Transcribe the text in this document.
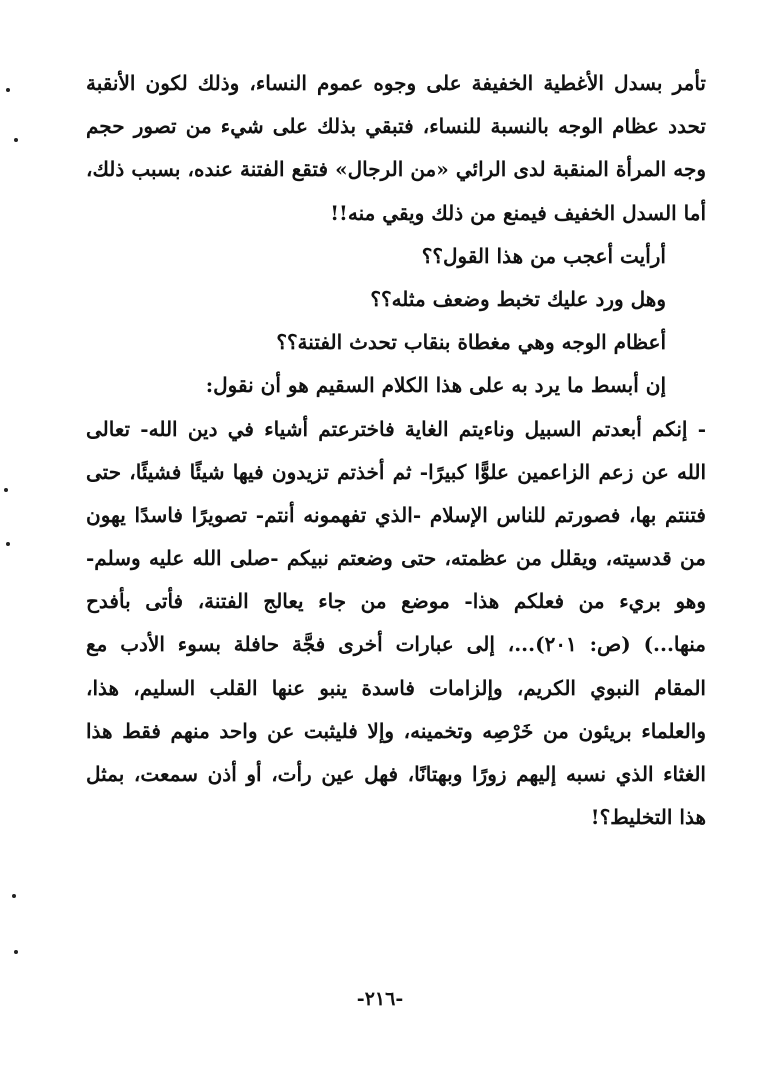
تأمر بسدل الأغطية الخفيفة على وجوه عموم النساء، وذلك لكون الأنقبة
تحدد عظام الوجه بالنسبة للنساء، فتبقي بذلك على شيء من تصور حجم
وجه المرأة المنقبة لدى الرائي «من الرجال» فتقع الفتنة عنده، بسبب ذلك،
أما السدل الخفيف فيمنع من ذلك ويقي منه!!
أرأيت أعجب من هذا القول؟؟
وهل ورد عليك تخبط وضعف مثله؟؟
أعظام الوجه وهي مغطاة بنقاب تحدث الفتنة؟؟
إن أبسط ما يرد به على هذا الكلام السقيم هو أن نقول:
- إنكم أبعدتم السبيل وناءيتم الغاية فاخترعتم أشياء في دين الله- تعالى
الله عن زعم الزاعمين علوًّا كبيرًا- ثم أخذتم تزيدون فيها شيئًا فشيئًا، حتى
فتنتم بها، فصورتم للناس الإسلام -الذي تفهمونه أنتم- تصويرًا فاسدًا يهون
من قدسيته، ويقلل من عظمته، حتى وضعتم نبيكم -صلى الله عليه وسلم-
وهو بريء من فعلكم هذا- موضع من جاء يعالج الفتنة، فأتى بأفدح
منها...) (ص: ٢٠١)...، إلى عبارات أخرى فجَّة حافلة بسوء الأدب مع
المقام النبوي الكريم، وإلزامات فاسدة ينبو عنها القلب السليم، هذا،
والعلماء بريئون من خَرْصِه وتخمينه، وإلا فليثبت عن واحد منهم فقط هذا
الغثاء الذي نسبه إليهم زورًا وبهتانًا، فهل عين رأت، أو أذن سمعت، بمثل
هذا التخليط؟!
-٢١٦-
